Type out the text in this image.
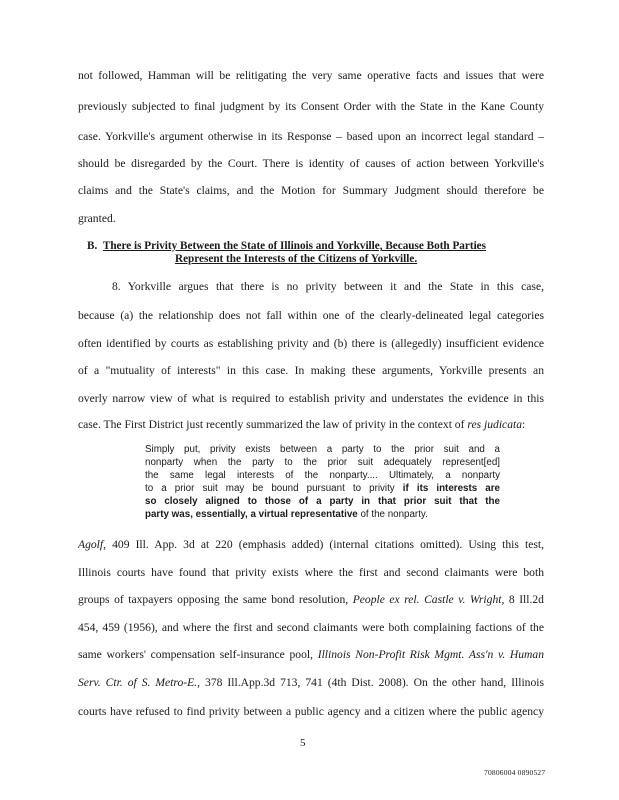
not followed, Hamman will be relitigating the very same operative facts and issues that were
previously subjected to final judgment by its Consent Order with the State in the Kane County
case. Yorkville's argument otherwise in its Response – based upon an incorrect legal standard –
should be disregarded by the Court. There is identity of causes of action between Yorkville's
claims and the State's claims, and the Motion for Summary Judgment should therefore be
granted.
B. There is Privity Between the State of Illinois and Yorkville, Because Both Parties
Represent the Interests of the Citizens of Yorkville.
8. Yorkville argues that there is no privity between it and the State in this case,
because (a) the relationship does not fall within one of the clearly-delineated legal categories
often identified by courts as establishing privity and (b) there is (allegedly) insufficient evidence
of a "mutuality of interests" in this case. In making these arguments, Yorkville presents an
overly narrow view of what is required to establish privity and understates the evidence in this
case. The First District just recently summarized the law of privity in the context of res judicata:
Simply put, privity exists between a party to the prior suit and a
nonparty when the party to the prior suit adequately represent[ed]
the same legal interests of the nonparty.... Ultimately, a nonparty
to a prior suit may be bound pursuant to privity if its interests are
so closely aligned to those of a party in that prior suit that the
party was, essentially, a virtual representative of the nonparty.
Agolf, 409 Ill. App. 3d at 220 (emphasis added) (internal citations omitted). Using this test,
Illinois courts have found that privity exists where the first and second claimants were both
groups of taxpayers opposing the same bond resolution, People ex rel. Castle v. Wright, 8 Ill.2d
454, 459 (1956), and where the first and second claimants were both complaining factions of the
same workers' compensation self-insurance pool, Illinois Non-Profit Risk Mgmt. Ass'n v. Human
Serv. Ctr. of S. Metro-E., 378 Ill.App.3d 713, 741 (4th Dist. 2008). On the other hand, Illinois
courts have refused to find privity between a public agency and a citizen where the public agency
5
70806004 0890527
